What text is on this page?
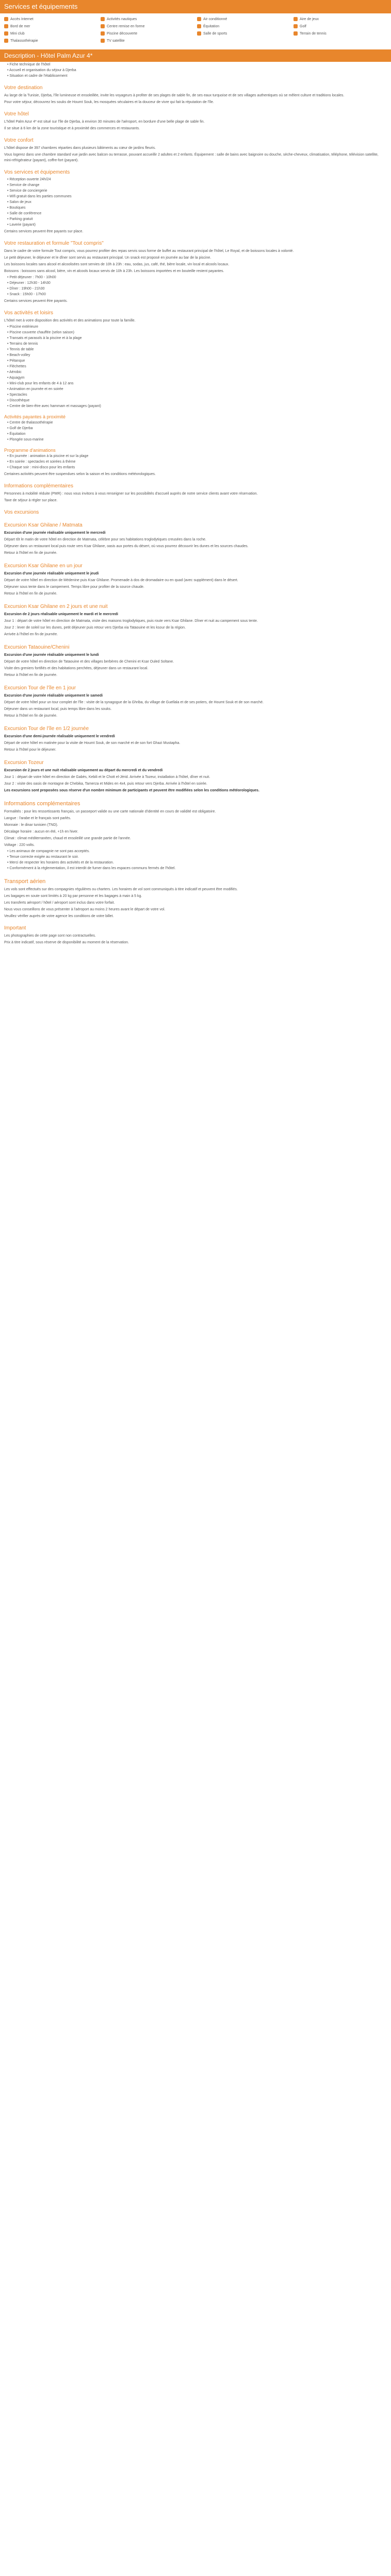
Services et équipements
Accès Internet	Activités nautiques	Air conditionné	Aire de jeux
Bord de mer	Centre remise en forme	Équitation	Golf
Mini club	Piscine découverte	Salle de sports	Terrain de tennis
Thalassothérapie	TV satellite
Description - Hôtel Palm Azur 4*
• Fiche technique de l'hôtel
• Accueil et organisation du séjour à Djerba
• Situation et cadre de l'établissement
Votre destination

Au large de la Tunisie, Djerba, l'île lumineuse et ensoleillée, invite les voyageurs à profiter de ses plages de sable fin, de ses eaux turquoise et de ses villages authentiques où se mêlent culture et traditions locales.

Pour votre séjour, découvrez les souks de Houmt Souk, les mosquées séculaires et la douceur de vivre qui fait la réputation de l'île.

Votre hôtel

L'hôtel Palm Azur 4* est situé sur l'île de Djerba, à environ 30 minutes de l'aéroport, en bordure d'une belle plage de sable fin.

Il se situe à 6 km de la zone touristique et à proximité des commerces et restaurants.

Votre confort

L'hôtel dispose de 397 chambres réparties dans plusieurs bâtiments au cœur de jardins fleuris.

Vous logerez dans une chambre standard vue jardin avec balcon ou terrasse, pouvant accueillir 2 adultes et 2 enfants. Équipement : salle de bains avec baignoire ou douche, sèche-cheveux, climatisation, téléphone, télévision satellite, mini-réfrigérateur (payant), coffre-fort (payant).

Vos services et équipements
• Réception ouverte 24h/24
• Service de change
• Service de conciergerie
• Wifi gratuit dans les parties communes
• Salon de jeux
• Boutiques
• Salle de conférence
• Parking gratuit
• Laverie (payant)

Certains services peuvent être payants sur place.

Votre restauration et formule "Tout compris"

Dans le cadre de votre formule Tout compris, vous pourrez profiter des repas servis sous forme de buffet au restaurant principal de l'hôtel, Le Royal, et de boissons locales à volonté.

Le petit déjeuner, le déjeuner et le dîner sont servis au restaurant principal. Un snack est proposé en journée au bar de la piscine.

Les boissons locales sans alcool et alcoolisées sont servies de 10h à 23h : eau, sodas, jus, café, thé, bière locale, vin local et alcools locaux.

Boissons : boissons sans alcool, bière, vin et alcools locaux servis de 10h à 23h. Les boissons importées et en bouteille restent payantes.

• Petit déjeuner : 7h00 - 10h00
• Déjeuner : 12h30 - 14h30
• Dîner : 19h00 - 21h30
• Snack : 15h00 - 17h00

Certains services peuvent être payants.

Vos activités et loisirs

L'hôtel met à votre disposition des activités et des animations pour toute la famille.

• Piscine extérieure
• Piscine couverte chauffée (selon saison)
• Transats et parasols à la piscine et à la plage
• Terrains de tennis
• Tennis de table
• Beach-volley
• Pétanque
• Fléchettes
• Aérobic
• Aquagym
• Mini-club pour les enfants de 4 à 12 ans
• Animation en journée et en soirée
• Spectacles
• Discothèque
• Centre de bien-être avec hammam et massages (payant)
Activités payantes à proximité
• Centre de thalassothérapie
• Golf de Djerba
• Équitation
• Plongée sous-marine
Programme d'animations
• En journée : animation à la piscine et sur la plage
• En soirée : spectacles et soirées à thème
• Chaque soir : mini-disco pour les enfants

Certaines activités peuvent être suspendues selon la saison et les conditions météorologiques.

Informations complémentaires

Personnes à mobilité réduite (PMR) : nous vous invitons à vous renseigner sur les possibilités d'accueil auprès de notre service clients avant votre réservation.

Taxe de séjour à régler sur place.

Vos excursions
Excursion Ksar Ghilane / Matmata

Excursion d'une journée réalisable uniquement le mercredi

Départ tôt le matin de votre hôtel en direction de Matmata, célèbre pour ses habitations troglodytiques creusées dans la roche.

Déjeuner dans un restaurant local puis route vers Ksar Ghilane, oasis aux portes du désert, où vous pourrez découvrir les dunes et les sources chaudes.

Retour à l'hôtel en fin de journée.

Excursion Ksar Ghilane en un jour

Excursion d'une journée réalisable uniquement le jeudi

Départ de votre hôtel en direction de Médenine puis Ksar Ghilane. Promenade à dos de dromadaire ou en quad (avec supplément) dans le désert.

Déjeuner sous tente dans le campement. Temps libre pour profiter de la source chaude.

Retour à l'hôtel en fin de journée.

Excursion Ksar Ghilane en 2 jours et une nuit

Excursion de 2 jours réalisable uniquement le mardi et le mercredi

Jour 1 : départ de votre hôtel en direction de Matmata, visite des maisons troglodytiques, puis route vers Ksar Ghilane. Dîner et nuit au campement sous tente.

Jour 2 : lever de soleil sur les dunes, petit déjeuner puis retour vers Djerba via Tataouine et les ksour de la région.

Arrivée à l'hôtel en fin de journée.

Excursion Tataouine/Chenini

Excursion d'une journée réalisable uniquement le lundi

Départ de votre hôtel en direction de Tataouine et des villages berbères de Chenini et Ksar Ouled Soltane.

Visite des greniers fortifiés et des habitations perchées, déjeuner dans un restaurant local.

Retour à l'hôtel en fin de journée.

Excursion Tour de l'île en 1 jour

Excursion d'une journée réalisable uniquement le samedi

Départ de votre hôtel pour un tour complet de l'île : visite de la synagogue de la Ghriba, du village de Guellala et de ses potiers, de Houmt Souk et de son marché.

Déjeuner dans un restaurant local, puis temps libre dans les souks.

Retour à l'hôtel en fin de journée.

Excursion Tour de l'île en 1/2 journée

Excursion d'une demi-journée réalisable uniquement le vendredi

Départ de votre hôtel en matinée pour la visite de Houmt Souk, de son marché et de son fort Ghazi Mustapha.

Retour à l'hôtel pour le déjeuner.

Excursion Tozeur

Excursion de 2 jours et une nuit réalisable uniquement au départ du mercredi et du vendredi

Jour 1 : départ de votre hôtel en direction de Gabès, Kebili et le Chott el-Jérid. Arrivée à Tozeur, installation à l'hôtel, dîner et nuit.

Jour 2 : visite des oasis de montagne de Chebika, Tamerza et Mides en 4x4, puis retour vers Djerba. Arrivée à l'hôtel en soirée.

Les excursions sont proposées sous réserve d'un nombre minimum de participants et peuvent être modifiées selon les conditions météorologiques.

Informations complémentaires

Formalités : pour les ressortissants français, un passeport valide ou une carte nationale d'identité en cours de validité est obligatoire.

Langue : l'arabe et le français sont parlés.

Monnaie : le dinar tunisien (TND).

Décalage horaire : aucun en été, +1h en hiver.

Climat : climat méditerranéen, chaud et ensoleillé une grande partie de l'année.

Voltage : 220 volts.

• Les animaux de compagnie ne sont pas acceptés.
• Tenue correcte exigée au restaurant le soir.
• Merci de respecter les horaires des activités et de la restauration.
• Conformément à la réglementation, il est interdit de fumer dans les espaces communs fermés de l'hôtel.
Transport aérien

Les vols sont effectués sur des compagnies régulières ou charters. Les horaires de vol sont communiqués à titre indicatif et peuvent être modifiés.

Les bagages en soute sont limités à 20 kg par personne et les bagages à main à 5 kg.

Les transferts aéroport / hôtel / aéroport sont inclus dans votre forfait.

Nous vous conseillons de vous présenter à l'aéroport au moins 2 heures avant le départ de votre vol.

Veuillez vérifier auprès de votre agence les conditions de votre billet.

Important

Les photographies de cette page sont non contractuelles.

Prix à titre indicatif, sous réserve de disponibilité au moment de la réservation.
